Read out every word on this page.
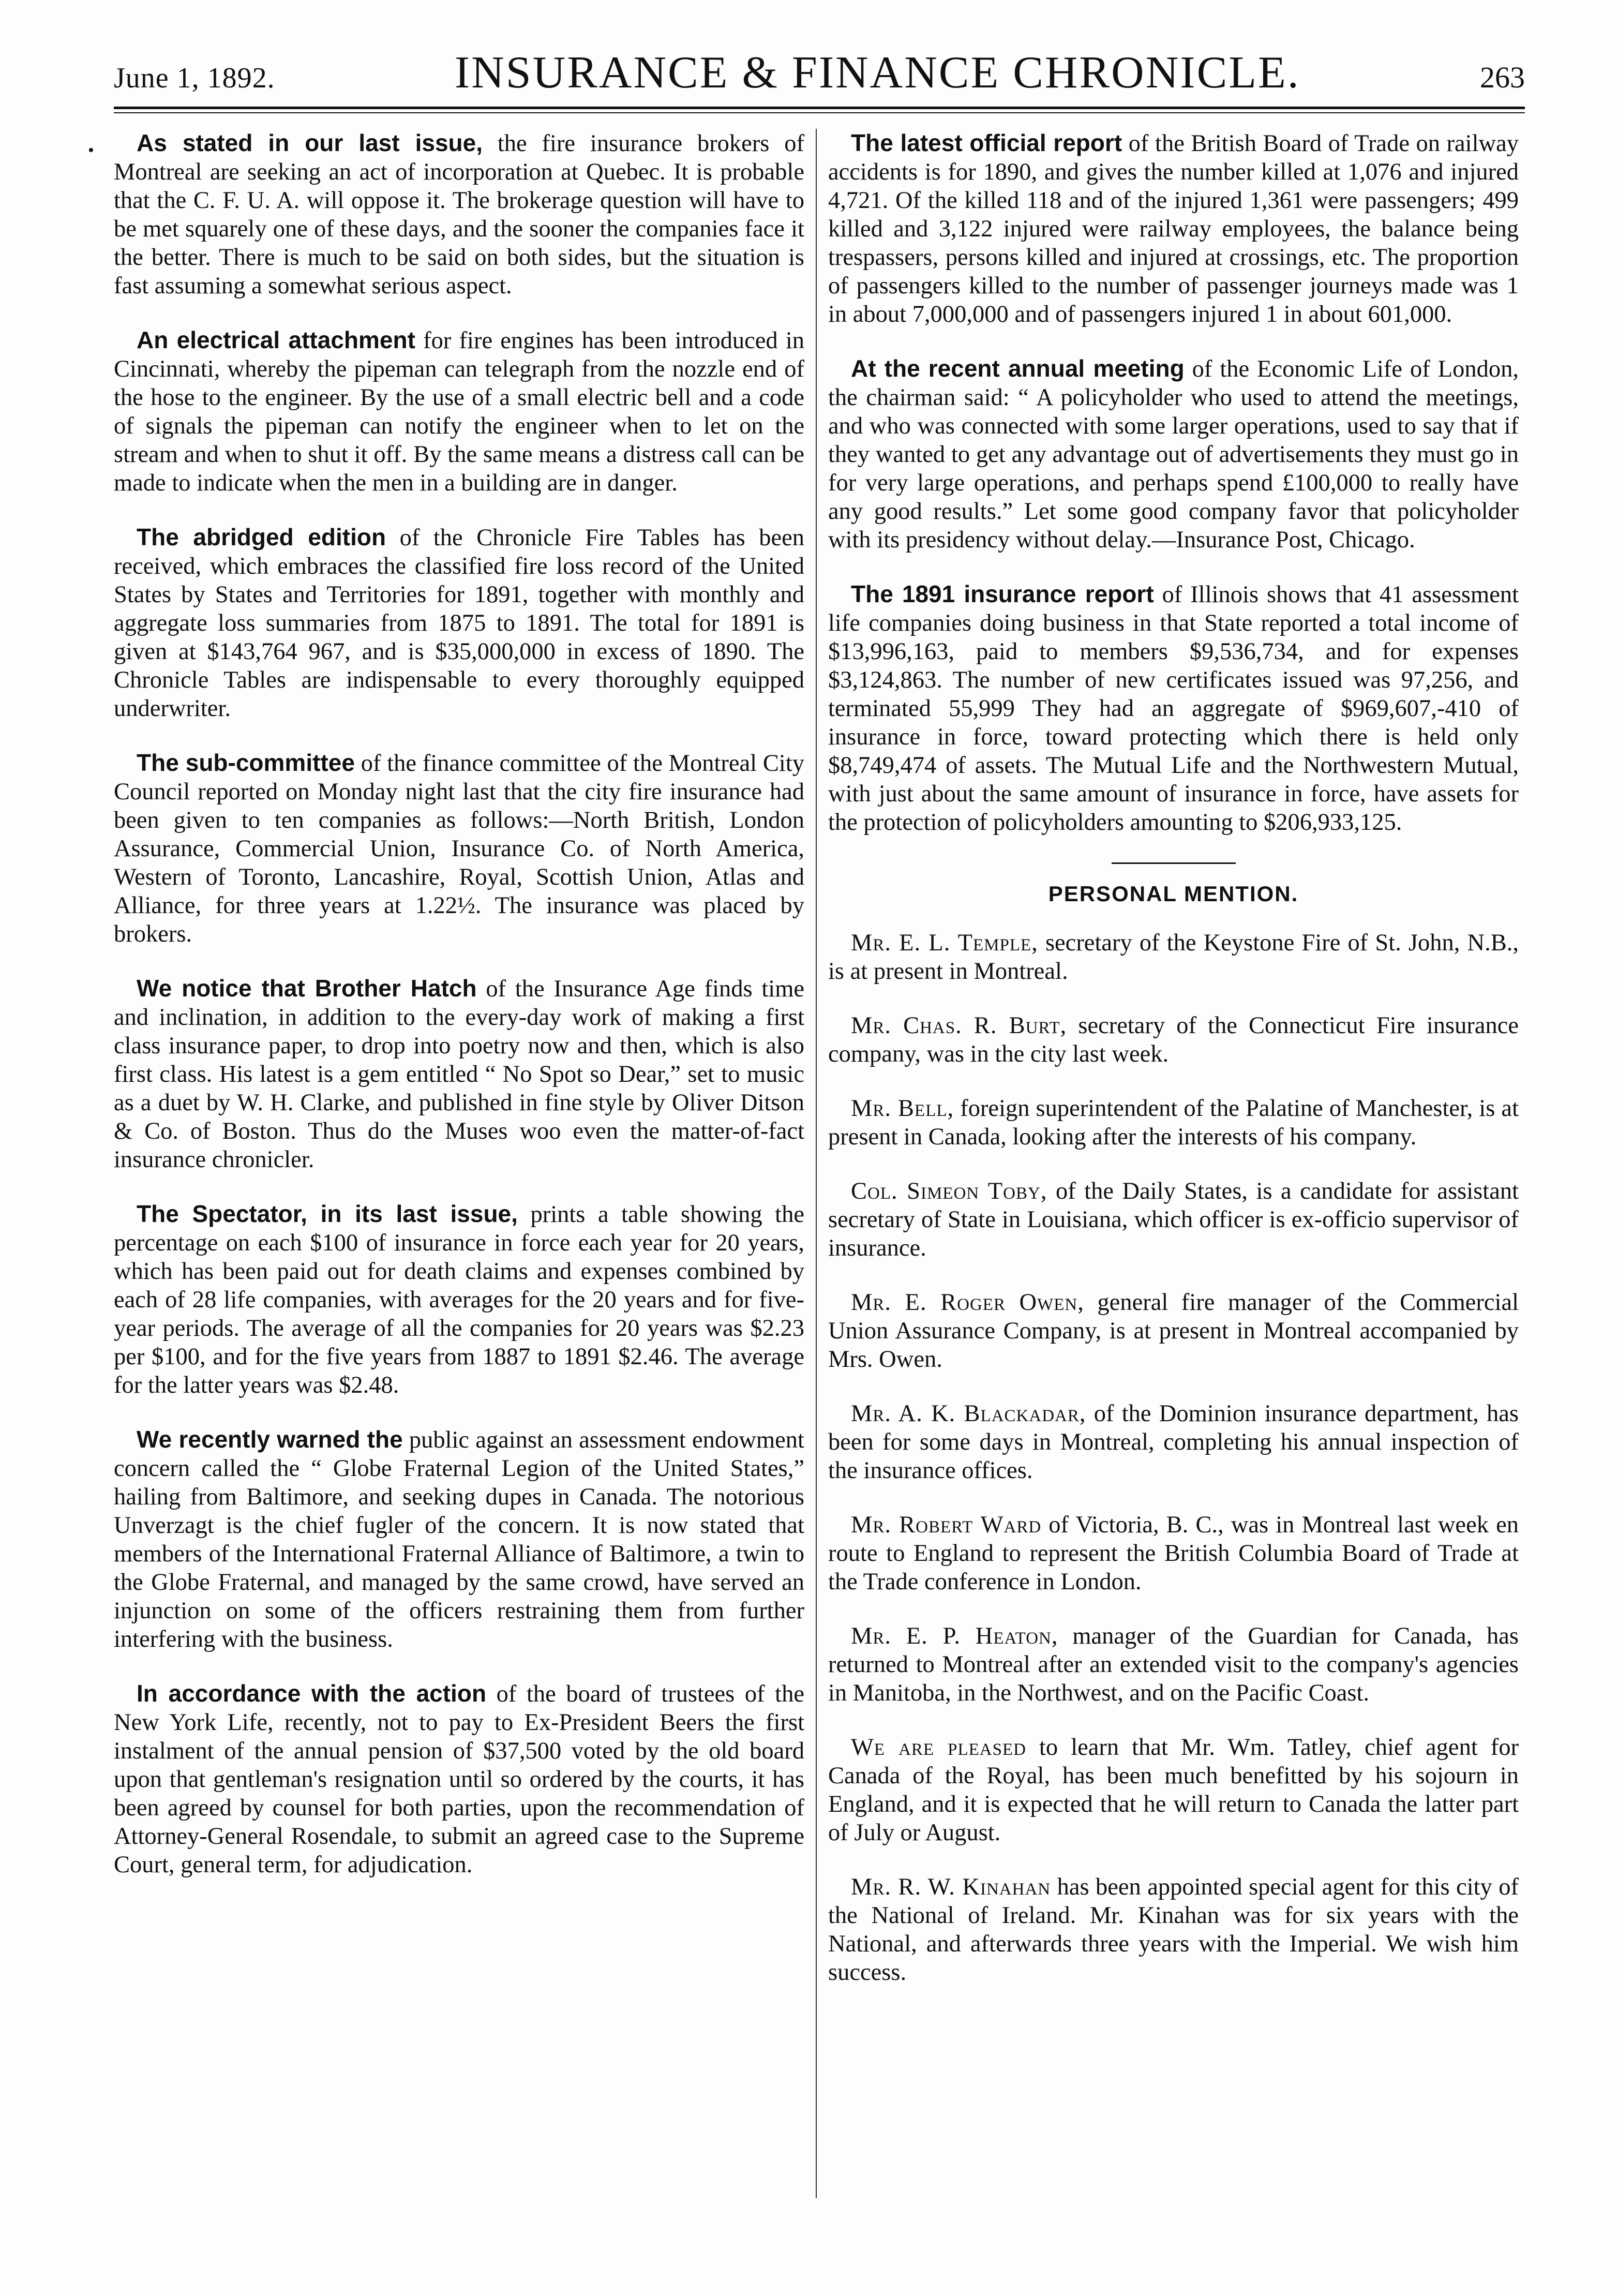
•
June 1, 1892.	INSURANCE & FINANCE CHRONICLE.	263

As stated in our last issue, the fire insurance brokers of Montreal are seeking an act of incorporation at Quebec. It is probable that the C. F. U. A. will oppose it. The brokerage question will have to be met squarely one of these days, and the sooner the companies face it the better. There is much to be said on both sides, but the situation is fast assuming a somewhat serious aspect.

An electrical attachment for fire engines has been introduced in Cincinnati, whereby the pipeman can telegraph from the nozzle end of the hose to the engineer. By the use of a small electric bell and a code of signals the pipeman can notify the engineer when to let on the stream and when to shut it off. By the same means a distress call can be made to indicate when the men in a building are in danger.

The abridged edition of the Chronicle Fire Tables has been received, which embraces the classified fire loss record of the United States by States and Territories for 1891, together with monthly and aggregate loss summaries from 1875 to 1891. The total for 1891 is given at $143,764 967, and is $35,000,000 in excess of 1890. The Chronicle Tables are indispensable to every thoroughly equipped underwriter.

The sub-committee of the finance committee of the Montreal City Council reported on Monday night last that the city fire insurance had been given to ten companies as follows:—North British, London Assurance, Commercial Union, Insurance Co. of North America, Western of Toronto, Lancashire, Royal, Scottish Union, Atlas and Alliance, for three years at 1.22½. The insurance was placed by brokers.

We notice that Brother Hatch of the Insurance Age finds time and inclination, in addition to the every-day work of making a first class insurance paper, to drop into poetry now and then, which is also first class. His latest is a gem entitled “ No Spot so Dear,” set to music as a duet by W. H. Clarke, and published in fine style by Oliver Ditson & Co. of Boston. Thus do the Muses woo even the matter-of-fact insurance chronicler.

The Spectator, in its last issue, prints a table showing the percentage on each $100 of insurance in force each year for 20 years, which has been paid out for death claims and expenses combined by each of 28 life companies, with averages for the 20 years and for five-year periods. The average of all the companies for 20 years was $2.23 per $100, and for the five years from 1887 to 1891 $2.46. The average for the latter years was $2.48.

We recently warned the public against an assessment endowment concern called the “ Globe Fraternal Legion of the United States,” hailing from Baltimore, and seeking dupes in Canada. The notorious Unverzagt is the chief fugler of the concern. It is now stated that members of the International Fraternal Alliance of Baltimore, a twin to the Globe Fraternal, and managed by the same crowd, have served an injunction on some of the officers restraining them from further interfering with the business.

In accordance with the action of the board of trustees of the New York Life, recently, not to pay to Ex-President Beers the first instalment of the annual pension of $37,500 voted by the old board upon that gentleman's resignation until so ordered by the courts, it has been agreed by counsel for both parties, upon the recommendation of Attorney-General Rosendale, to submit an agreed case to the Supreme Court, general term, for adjudication.

The latest official report of the British Board of Trade on railway accidents is for 1890, and gives the number killed at 1,076 and injured 4,721. Of the killed 118 and of the injured 1,361 were passengers; 499 killed and 3,122 injured were railway employees, the balance being trespassers, persons killed and injured at crossings, etc. The proportion of passengers killed to the number of passenger journeys made was 1 in about 7,000,000 and of passengers injured 1 in about 601,000.

At the recent annual meeting of the Economic Life of London, the chairman said: “ A policyholder who used to attend the meetings, and who was connected with some larger operations, used to say that if they wanted to get any advantage out of advertisements they must go in for very large operations, and perhaps spend £100,000 to really have any good results.” Let some good company favor that policyholder with its presidency without delay.—Insurance Post, Chicago.

The 1891 insurance report of Illinois shows that 41 assessment life companies doing business in that State reported a total income of $13,996,163, paid to members $9,536,734, and for expenses $3,124,863. The number of new certificates issued was 97,256, and terminated 55,999 They had an aggregate of $969,607,-410 of insurance in force, toward protecting which there is held only $8,749,474 of assets. The Mutual Life and the Northwestern Mutual, with just about the same amount of insurance in force, have assets for the protection of policyholders amounting to $206,933,125.

PERSONAL MENTION.

Mr. E. L. Temple, secretary of the Keystone Fire of St. John, N.B., is at present in Montreal.

Mr. Chas. R. Burt, secretary of the Connecticut Fire insurance company, was in the city last week.

Mr. Bell, foreign superintendent of the Palatine of Manchester, is at present in Canada, looking after the interests of his company.

Col. Simeon Toby, of the Daily States, is a candidate for assistant secretary of State in Louisiana, which officer is ex-officio supervisor of insurance.

Mr. E. Roger Owen, general fire manager of the Commercial Union Assurance Company, is at present in Montreal accompanied by Mrs. Owen.

Mr. A. K. Blackadar, of the Dominion insurance department, has been for some days in Montreal, completing his annual inspection of the insurance offices.

Mr. Robert Ward of Victoria, B. C., was in Montreal last week en route to England to represent the British Columbia Board of Trade at the Trade conference in London.

Mr. E. P. Heaton, manager of the Guardian for Canada, has returned to Montreal after an extended visit to the company's agencies in Manitoba, in the Northwest, and on the Pacific Coast.

We are pleased to learn that Mr. Wm. Tatley, chief agent for Canada of the Royal, has been much benefitted by his sojourn in England, and it is expected that he will return to Canada the latter part of July or August.

Mr. R. W. Kinahan has been appointed special agent for this city of the National of Ireland. Mr. Kinahan was for six years with the National, and afterwards three years with the Imperial. We wish him success.
